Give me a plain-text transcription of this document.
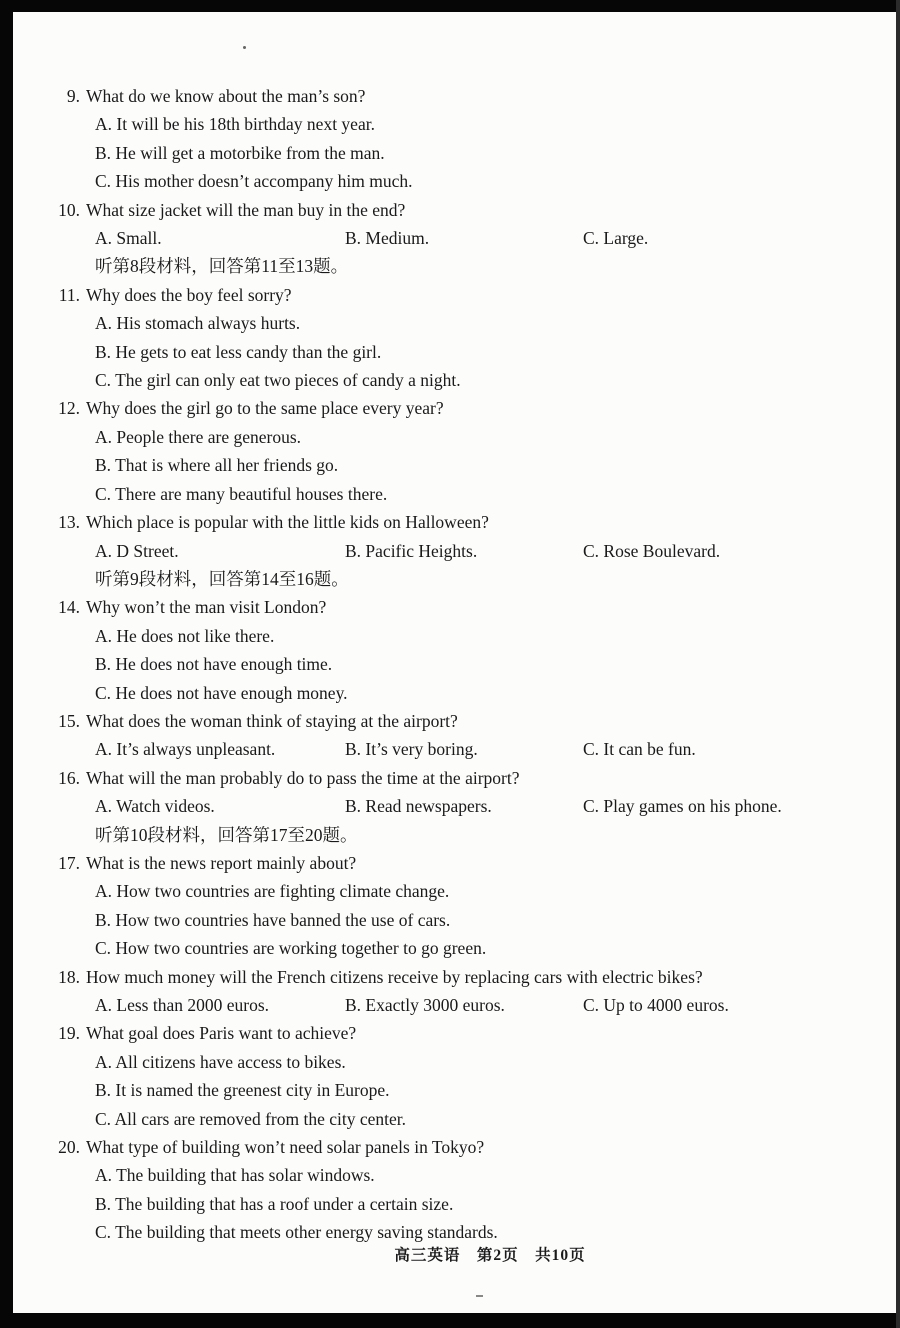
9. What do we know about the man’s son?
A. It will be his 18th birthday next year.
B. He will get a motorbike from the man.
C. His mother doesn’t accompany him much.
10. What size jacket will the man buy in the end?
A. Small.	B. Medium.	C. Large.
听第8段材料，回答第11至13题。
11. Why does the boy feel sorry?
A. His stomach always hurts.
B. He gets to eat less candy than the girl.
C. The girl can only eat two pieces of candy a night.
12. Why does the girl go to the same place every year?
A. People there are generous.
B. That is where all her friends go.
C. There are many beautiful houses there.
13. Which place is popular with the little kids on Halloween?
A. D Street.	B. Pacific Heights.	C. Rose Boulevard.
听第9段材料，回答第14至16题。
14. Why won’t the man visit London?
A. He does not like there.
B. He does not have enough time.
C. He does not have enough money.
15. What does the woman think of staying at the airport?
A. It’s always unpleasant.	B. It’s very boring.	C. It can be fun.
16. What will the man probably do to pass the time at the airport?
A. Watch videos.	B. Read newspapers.	C. Play games on his phone.
听第10段材料，回答第17至20题。
17. What is the news report mainly about?
A. How two countries are fighting climate change.
B. How two countries have banned the use of cars.
C. How two countries are working together to go green.
18. How much money will the French citizens receive by replacing cars with electric bikes?
A. Less than 2000 euros.	B. Exactly 3000 euros.	C. Up to 4000 euros.
19. What goal does Paris want to achieve?
A. All citizens have access to bikes.
B. It is named the greenest city in Europe.
C. All cars are removed from the city center.
20. What type of building won’t need solar panels in Tokyo?
A. The building that has solar windows.
B. The building that has a roof under a certain size.
C. The building that meets other energy saving standards.
高三英语　第2页　共10页
